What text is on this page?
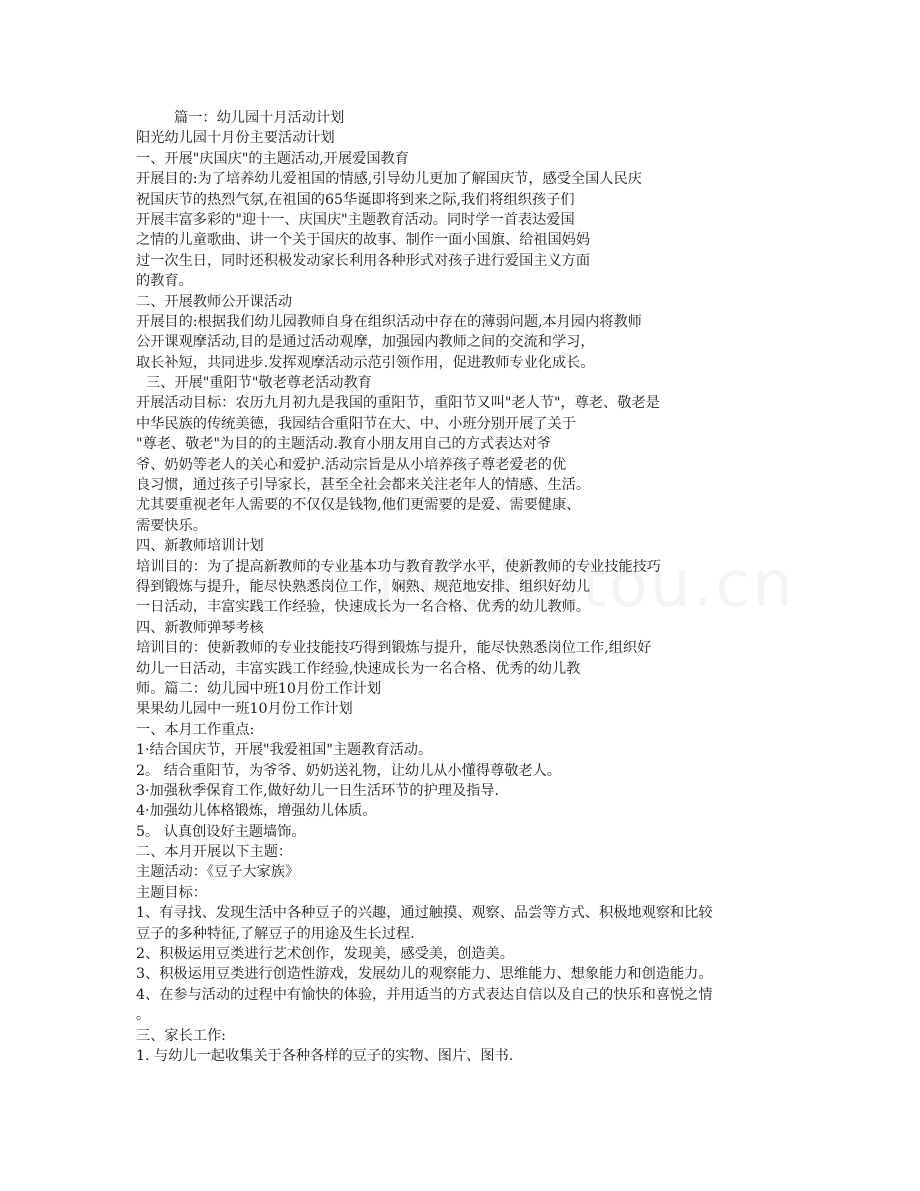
篇一：幼儿园十月活动计划
阳光幼儿园十月份主要活动计划
一、开展"庆国庆"的主题活动,开展爱国教育
开展目的:为了培养幼儿爱祖国的情感,引导幼儿更加了解国庆节，感受全国人民庆
祝国庆节的热烈气氛,在祖国的65华诞即将到来之际,我们将组织孩子们
开展丰富多彩的"迎十一、庆国庆"主题教育活动。同时学一首表达爱国
之情的儿童歌曲、讲一个关于国庆的故事、制作一面小国旗、给祖国妈妈
过一次生日，同时还积极发动家长利用各种形式对孩子进行爱国主义方面
的教育。
二、开展教师公开课活动
开展目的:根据我们幼儿园教师自身在组织活动中存在的薄弱问题,本月园内将教师
公开课观摩活动,目的是通过活动观摩，加强园内教师之间的交流和学习，
取长补短，共同进步.发挥观摩活动示范引领作用，促进教师专业化成长。
三、开展"重阳节"敬老尊老活动教育
开展活动目标：农历九月初九是我国的重阳节，重阳节又叫"老人节"，尊老、敬老是
中华民族的传统美德，我园结合重阳节在大、中、小班分别开展了关于
"尊老、敬老"为目的的主题活动.教育小朋友用自己的方式表达对爷
爷、奶奶等老人的关心和爱护.活动宗旨是从小培养孩子尊老爱老的优
良习惯，通过孩子引导家长，甚至全社会都来关注老年人的情感、生活。
尤其要重视老年人需要的不仅仅是钱物,他们更需要的是爱、需要健康、
需要快乐。
四、新教师培训计划
培训目的：为了提高新教师的专业基本功与教育教学水平，使新教师的专业技能技巧
得到锻炼与提升，能尽快熟悉岗位工作，娴熟、规范地安排、组织好幼儿
一日活动，丰富实践工作经验，快速成长为一名合格、优秀的幼儿教师。
四、新教师弹琴考核
培训目的：使新教师的专业技能技巧得到锻炼与提升，能尽快熟悉岗位工作,组织好
幼儿一日活动，丰富实践工作经验,快速成长为一名合格、优秀的幼儿教
师。篇二：幼儿园中班10月份工作计划
果果幼儿园中一班10月份工作计划
一、本月工作重点:
1·结合国庆节，开展"我爱祖国"主题教育活动。
2。 结合重阳节，为爷爷、奶奶送礼物，让幼儿从小懂得尊敬老人。
3·加强秋季保育工作,做好幼儿一日生活环节的护理及指导.
4·加强幼儿体格锻炼，增强幼儿体质。
5。 认真创设好主题墙饰。
二、本月开展以下主题：
主题活动：《豆子大家族》
主题目标：
1、有寻找、发现生活中各种豆子的兴趣，通过触摸、观察、品尝等方式、积极地观察和比较
豆子的多种特征,了解豆子的用途及生长过程.
2、积极运用豆类进行艺术创作，发现美，感受美，创造美。
3、积极运用豆类进行创造性游戏，发展幼儿的观察能力、思维能力、想象能力和创造能力。
4、在参与活动的过程中有愉快的体验，并用适当的方式表达自信以及自己的快乐和喜悦之情
。
三、家长工作:
1. 与幼儿一起收集关于各种各样的豆子的实物、图片、图书.
